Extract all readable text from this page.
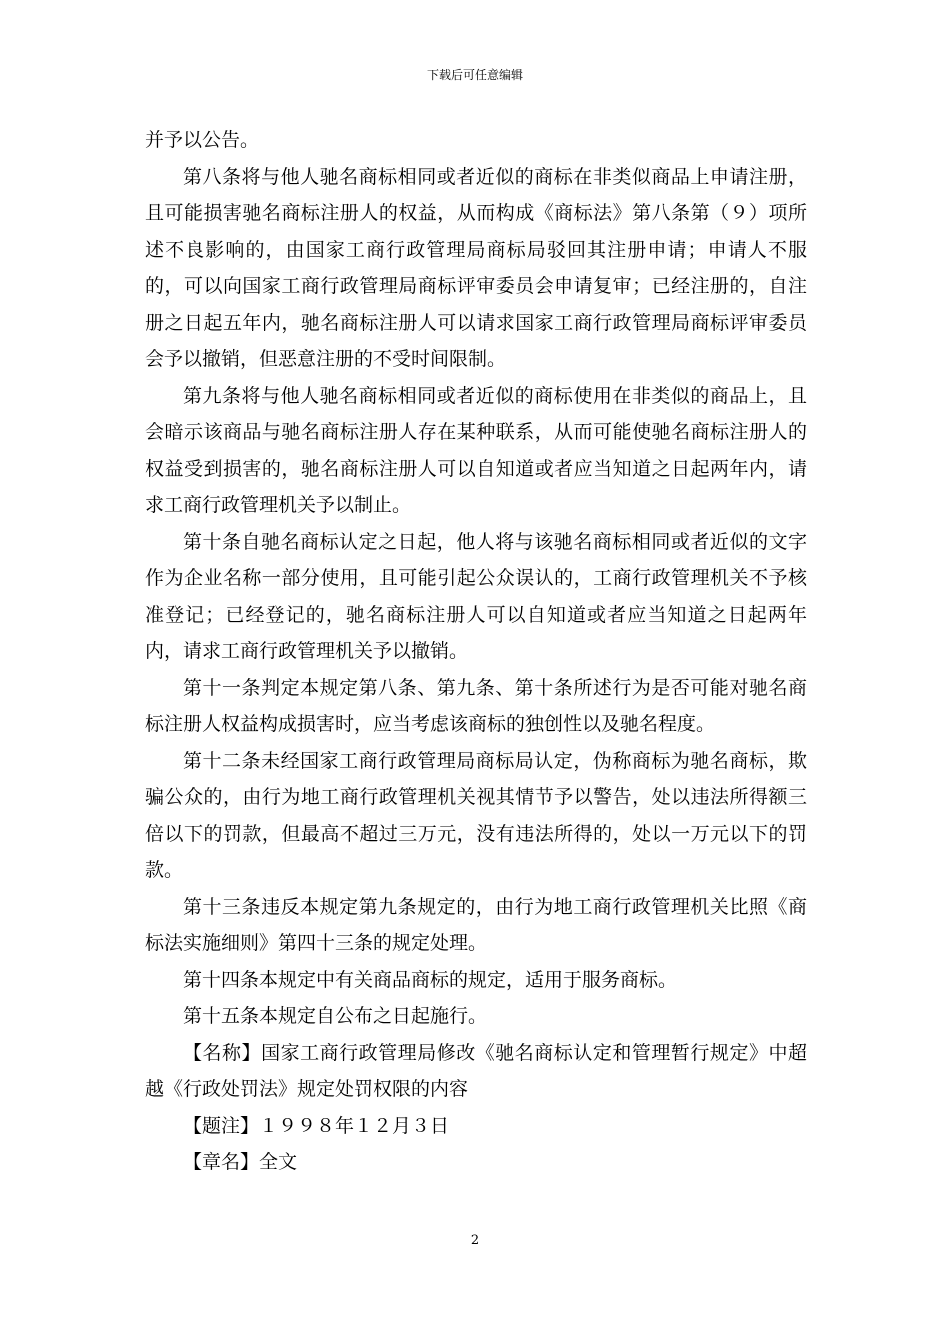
下载后可任意编辑

并予以公告。

第八条将与他人驰名商标相同或者近似的商标在非类似商品上申请注册，且可能损害驰名商标注册人的权益，从而构成《商标法》第八条第（９）项所述不良影响的，由国家工商行政管理局商标局驳回其注册申请；申请人不服的，可以向国家工商行政管理局商标评审委员会申请复审；已经注册的，自注册之日起五年内，驰名商标注册人可以请求国家工商行政管理局商标评审委员会予以撤销，但恶意注册的不受时间限制。

第九条将与他人驰名商标相同或者近似的商标使用在非类似的商品上，且会暗示该商品与驰名商标注册人存在某种联系，从而可能使驰名商标注册人的权益受到损害的，驰名商标注册人可以自知道或者应当知道之日起两年内，请求工商行政管理机关予以制止。

第十条自驰名商标认定之日起，他人将与该驰名商标相同或者近似的文字作为企业名称一部分使用，且可能引起公众误认的，工商行政管理机关不予核准登记；已经登记的，驰名商标注册人可以自知道或者应当知道之日起两年内，请求工商行政管理机关予以撤销。

第十一条判定本规定第八条、第九条、第十条所述行为是否可能对驰名商标注册人权益构成损害时，应当考虑该商标的独创性以及驰名程度。

第十二条未经国家工商行政管理局商标局认定，伪称商标为驰名商标，欺骗公众的，由行为地工商行政管理机关视其情节予以警告，处以违法所得额三倍以下的罚款，但最高不超过三万元，没有违法所得的，处以一万元以下的罚款。

第十三条违反本规定第九条规定的，由行为地工商行政管理机关比照《商标法实施细则》第四十三条的规定处理。

第十四条本规定中有关商品商标的规定，适用于服务商标。

第十五条本规定自公布之日起施行。

【名称】国家工商行政管理局修改《驰名商标认定和管理暂行规定》中超越《行政处罚法》规定处罚权限的内容

【题注】１９９８年１２月３日

【章名】全文

2
